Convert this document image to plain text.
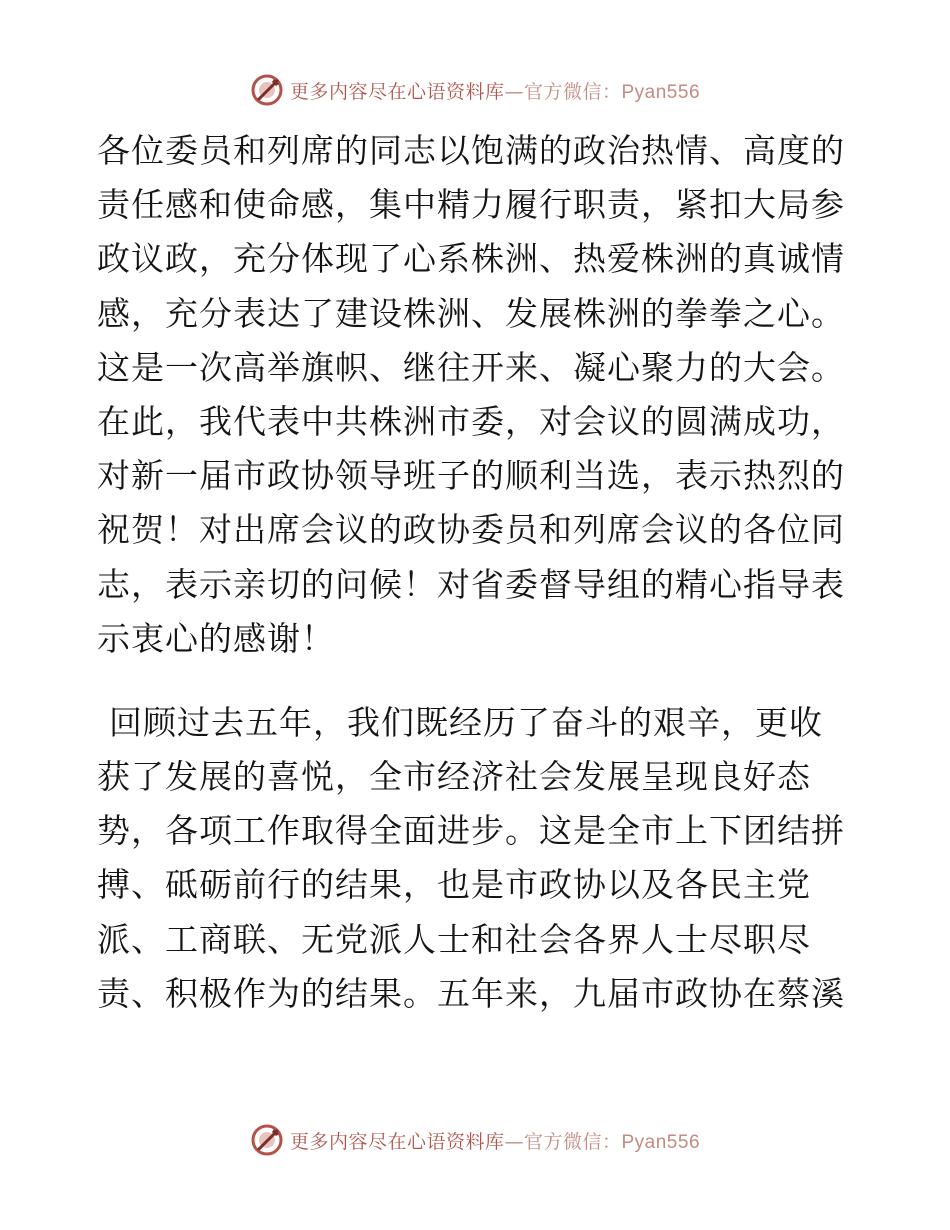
更多内容尽在心语资料库—官方微信：Pyan556
各位委员和列席的同志以饱满的政治热情、高度的
责任感和使命感，集中精力履行职责，紧扣大局参
政议政，充分体现了心系株洲、热爱株洲的真诚情
感，充分表达了建设株洲、发展株洲的拳拳之心。
这是一次高举旗帜、继往开来、凝心聚力的大会。
在此，我代表中共株洲市委，对会议的圆满成功，
对新一届市政协领导班子的顺利当选，表示热烈的
祝贺！对出席会议的政协委员和列席会议的各位同
志，表示亲切的问候！对省委督导组的精心指导表
示衷心的感谢！
回顾过去五年，我们既经历了奋斗的艰辛，更收
获了发展的喜悦，全市经济社会发展呈现良好态
势，各项工作取得全面进步。这是全市上下团结拼
搏、砥砺前行的结果，也是市政协以及各民主党
派、工商联、无党派人士和社会各界人士尽职尽
责、积极作为的结果。五年来，九届市政协在蔡溪
更多内容尽在心语资料库—官方微信：Pyan556
